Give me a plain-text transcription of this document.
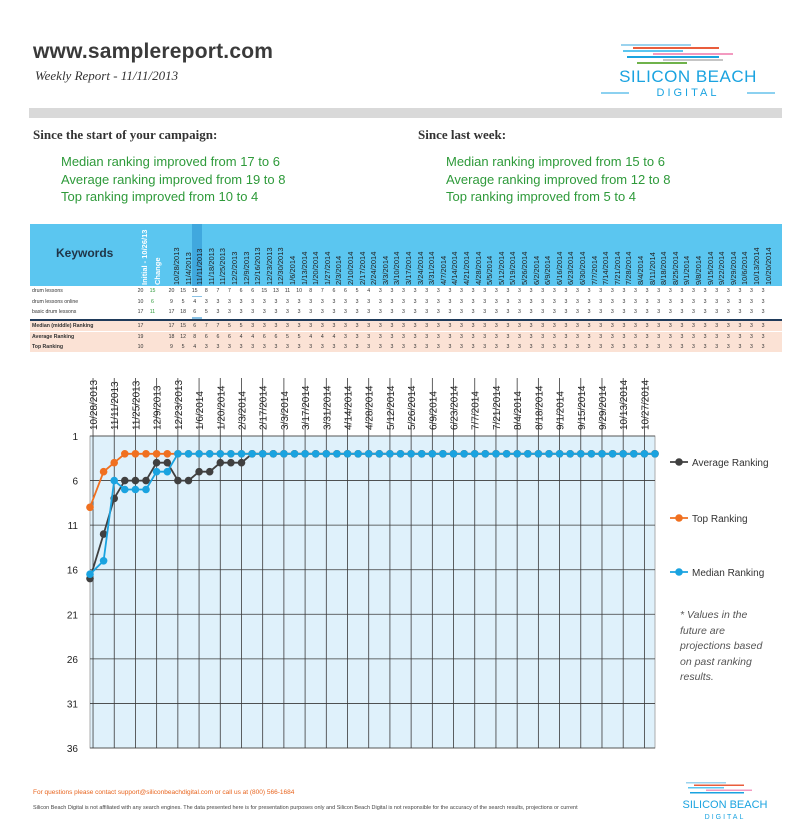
www.samplereport.com
Weekly Report - 11/11/2013	SILICON BEACH
DIGITAL
Since the start of your campaign:
Median ranking improved from 17 to 6
Average ranking improved from 19 to 8
Top ranking improved from 10 to 4
Since last week:
Median ranking improved from 15 to 6
Average ranking improved from 12 to 8
Top ranking improved from 5 to 4
Keywords	Initial - 10/26/13 Change 10/28/2013 11/4/2013 11/11/2013 11/18/2013 11/25/2013 12/2/2013 12/9/2013 12/16/2013 12/23/2013 12/30/2013 1/6/2014 1/13/2014 1/20/2014 1/27/2014 2/3/2014 2/10/2014 2/17/2014 2/24/2014 3/3/2014 3/10/2014 3/17/2014 3/24/2014 3/31/2014 4/7/2014 4/14/2014 4/21/2014 4/28/2014 5/5/2014 5/12/2014 5/19/2014 5/26/2014 6/2/2014 6/9/2014 6/16/2014 6/23/2014 6/30/2014 7/7/2014 7/14/2014 7/21/2014 7/28/2014 8/4/2014 8/11/2014 8/18/2014 8/25/2014 9/1/2014 9/8/2014 9/15/2014 9/22/2014 9/29/2014 10/6/2014 10/13/2014 10/20/2014
drum lessons	20	15	20	15	15	8	7	7	6	6	15	13	11	10	8	7	6	6	5	4	3	3	3	3	3	3	3	3	3	3	3	3	3	3	3	3	3	3	3	3	3	3	3	3	3	3	3	3	3	3	3	3	3	3
drum lessons online	10	6	9	5	4	3	3	3	3	3	3	3	3	3	3	3	3	3	3	3	3	3	3	3	3	3	3	3	3	3	3	3	3	3	3	3	3	3	3	3	3	3	3	3	3	3	3	3	3	3	3	3	3	3
basic drum lessons	17	11	17	18	6	5	3	3	3	3	3	3	3	3	3	3	3	3	3	3	3	3	3	3	3	3	3	3	3	3	3	3	3	3	3	3	3	3	3	3	3	3	3	3	3	3	3	3	3	3	3	3	3	3
Median (middle) Ranking	17	17	15	6	7	7	5	5	3	3	3	3	3	3	3	3	3	3	3	3	3	3	3	3	3	3	3	3	3	3	3	3	3	3	3	3	3	3	3	3	3	3	3	3	3	3	3	3	3	3	3	3	3
Average Ranking	19	18	12	8	6	6	6	4	4	6	6	5	5	4	4	4	3	3	3	3	3	3	3	3	3	3	3	3	3	3	3	3	3	3	3	3	3	3	3	3	3	3	3	3	3	3	3	3	3	3	3	3	3
Top Ranking	10	9	5	4	3	3	3	3	3	3	3	3	3	3	3	3	3	3	3	3	3	3	3	3	3	3	3	3	3	3	3	3	3	3	3	3	3	3	3	3	3	3	3	3	3	3	3	3	3	3	3	3	3
10/28/2013 11/11/2013 11/25/2013 12/9/2013 12/23/2013 1/6/2014 1/20/2014 2/3/2014 2/17/2014 3/3/2014 3/17/2014 3/31/2014 4/14/2014 4/28/2014 5/12/2014 5/26/2014 6/9/2014 6/23/2014 7/7/2014 7/21/2014 8/4/2014 8/18/2014 9/1/2014 9/15/2014 9/29/2014 10/13/2014 10/27/2014
1
6
11
16
21
26
31
36
Average Ranking
Top Ranking
Median Ranking
* Values in the future are projections based on past ranking results.
For questions please contact support@siliconbeachdigital.com or call us at (800) 566-1684
Silicon Beach Digital is not affiliated with any search engines. The data presented here is for presentation purposes only and Silicon Beach Digital is not responsible for the accuracy of the search results, projections or current	SILICON BEACH
DIGITAL
